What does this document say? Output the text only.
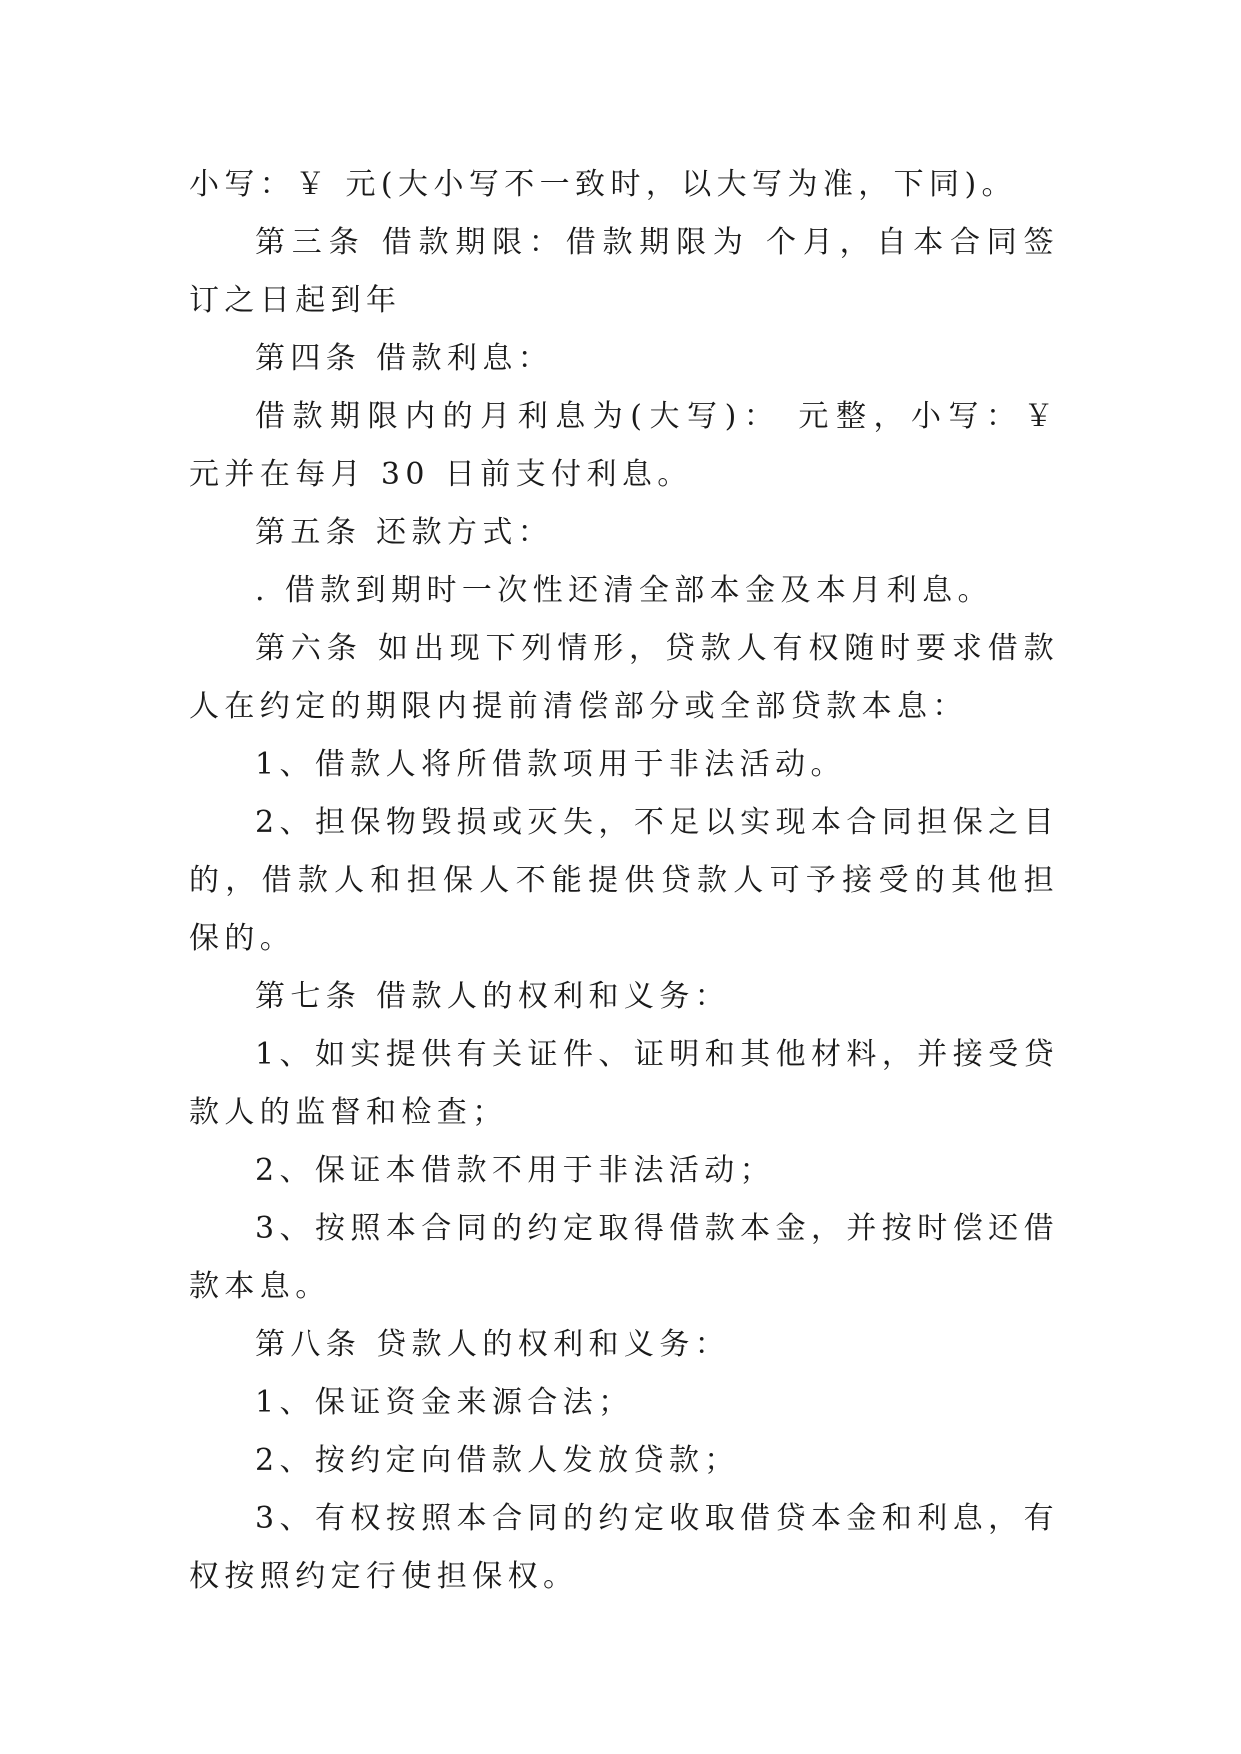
小写：￥ 元(大小写不一致时，以大写为准，下同)。

第三条 借款期限：借款期限为 个月，自本合同签订之日起到年

第四条 借款利息：

借款期限内的月利息为(大写)： 元整，小写：￥ 元并在每月 30 日前支付利息。

第五条 还款方式：

. 借款到期时一次性还清全部本金及本月利息。

第六条 如出现下列情形，贷款人有权随时要求借款人在约定的期限内提前清偿部分或全部贷款本息：

1、借款人将所借款项用于非法活动。

2、担保物毁损或灭失，不足以实现本合同担保之目的，借款人和担保人不能提供贷款人可予接受的其他担保的。

第七条 借款人的权利和义务：

1、如实提供有关证件、证明和其他材料，并接受贷款人的监督和检查；

2、保证本借款不用于非法活动；

3、按照本合同的约定取得借款本金，并按时偿还借款本息。

第八条 贷款人的权利和义务：

1、保证资金来源合法；

2、按约定向借款人发放贷款；

3、有权按照本合同的约定收取借贷本金和利息，有权按照约定行使担保权。
